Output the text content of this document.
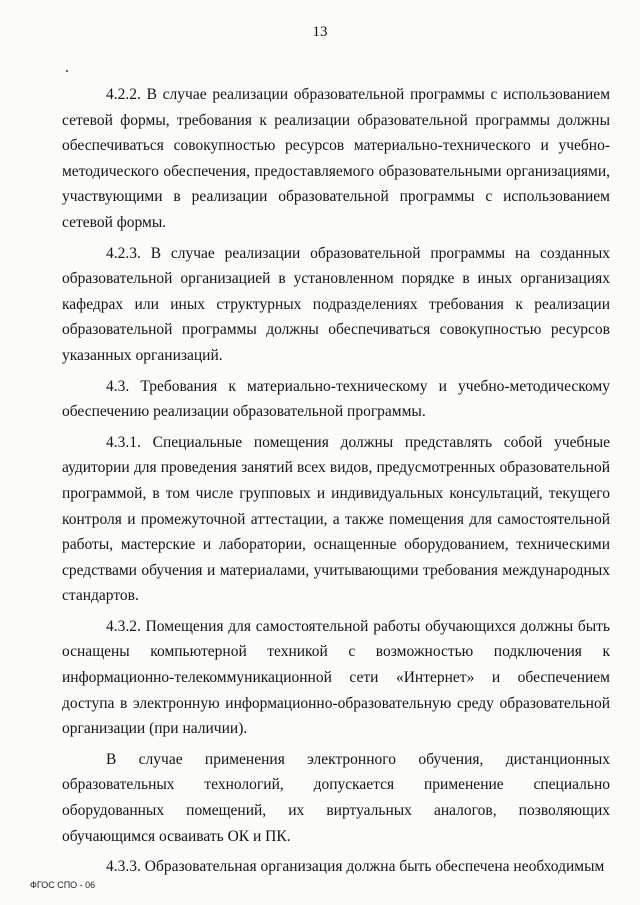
13

4.2.2. В случае реализации образовательной программы с использованием сетевой формы, требования к реализации образовательной программы должны обеспечиваться совокупностью ресурсов материально-технического и учебно-методического обеспечения, предоставляемого образовательными организациями, участвующими в реализации образовательной программы с использованием сетевой формы.

4.2.3. В случае реализации образовательной программы на созданных образовательной организацией в установленном порядке в иных организациях кафедрах или иных структурных подразделениях требования к реализации образовательной программы должны обеспечиваться совокупностью ресурсов указанных организаций.

4.3. Требования к материально-техническому и учебно-методическому обеспечению реализации образовательной программы.

4.3.1. Специальные помещения должны представлять собой учебные аудитории для проведения занятий всех видов, предусмотренных образовательной программой, в том числе групповых и индивидуальных консультаций, текущего контроля и промежуточной аттестации, а также помещения для самостоятельной работы, мастерские и лаборатории, оснащенные оборудованием, техническими средствами обучения и материалами, учитывающими требования международных стандартов.

4.3.2. Помещения для самостоятельной работы обучающихся должны быть оснащены компьютерной техникой с возможностью подключения к информационно-телекоммуникационной сети «Интернет» и обеспечением доступа в электронную информационно-образовательную среду образовательной организации (при наличии).

В случае применения электронного обучения, дистанционных образовательных технологий, допускается применение специально оборудованных помещений, их виртуальных аналогов, позволяющих обучающимся осваивать ОК и ПК.

4.3.3. Образовательная организация должна быть обеспечена необходимым

ФГОС СПО - 06
